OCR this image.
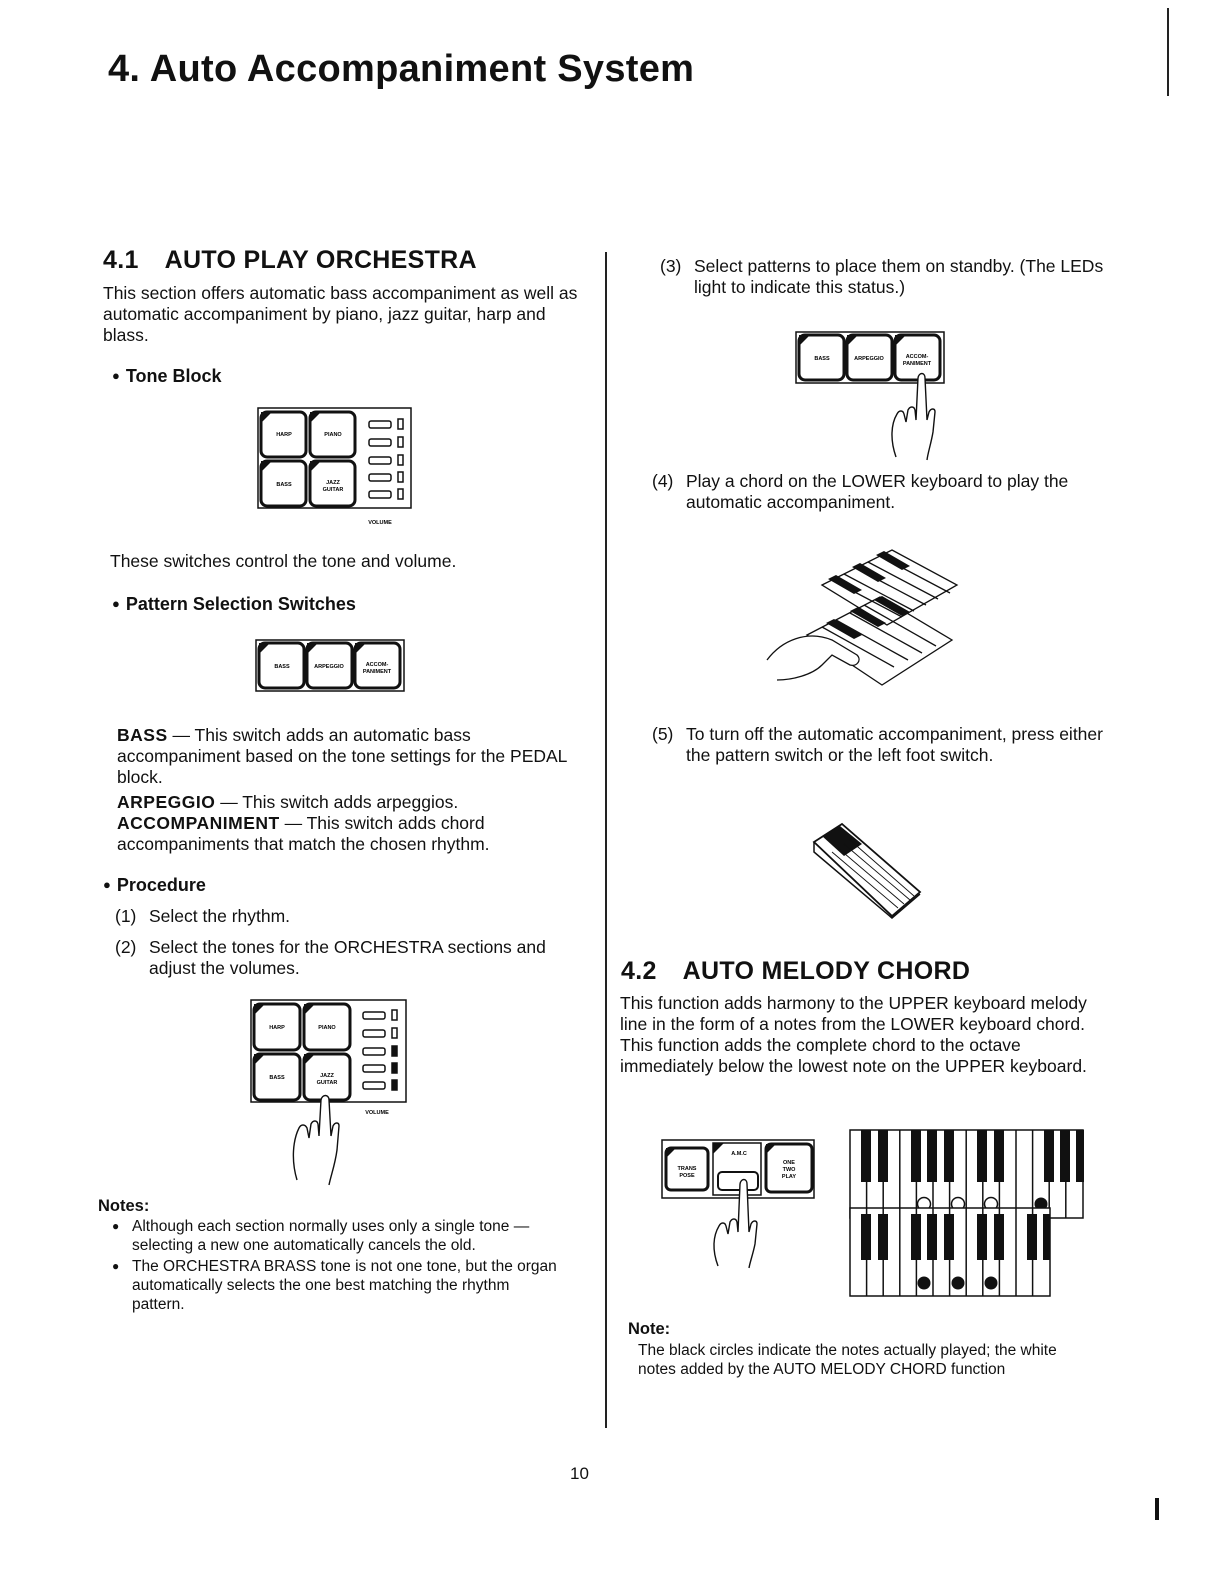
4. Auto Accompaniment System
4.1 AUTO PLAY ORCHESTRA

This section offers automatic bass accompaniment as well as automatic accompaniment by piano, jazz guitar, harp and blass.

● Tone Block
HARP	PIANO
BASS	JAZZ
GUITAR
VOLUME

These switches control the tone and volume.

● Pattern Selection Switches
BASS	ARPEGGIO	ACCOM-
PANIMENT
BASS — This switch adds an automatic bass accompaniment based on the tone settings for the PEDAL block.
ARPEGGIO — This switch adds arpeggios.
ACCOMPANIMENT — This switch adds chord accompaniments that match the chosen rhythm.
● Procedure
(1) Select the rhythm.
(2) Select the tones for the ORCHESTRA sections and adjust the volumes.
HARP	PIANO
BASS	JAZZ
GUITAR
VOLUME
Notes:
● Although each section normally uses only a single tone — selecting a new one automatically cancels the old.
● The ORCHESTRA BRASS tone is not one tone, but the organ automatically selects the one best matching the rhythm pattern.
(3) Select patterns to place them on standby. (The LEDs light to indicate this status.)
BASS	ARPEGGIO	ACCOM-
PANIMENT
(4) Play a chord on the LOWER keyboard to play the automatic accompaniment.
(5) To turn off the automatic accompaniment, press either the pattern switch or the left foot switch.
4.2 AUTO MELODY CHORD

This function adds harmony to the UPPER keyboard melody line in the form of a notes from the LOWER keyboard chord. This function adds the complete chord to the octave immediately below the lowest note on the UPPER keyboard.

TRANS
POSE
A.M.C
ONE
TWO
PLAY
Note:

The black circles indicate the notes actually played; the white notes added by the AUTO MELODY CHORD function

10
